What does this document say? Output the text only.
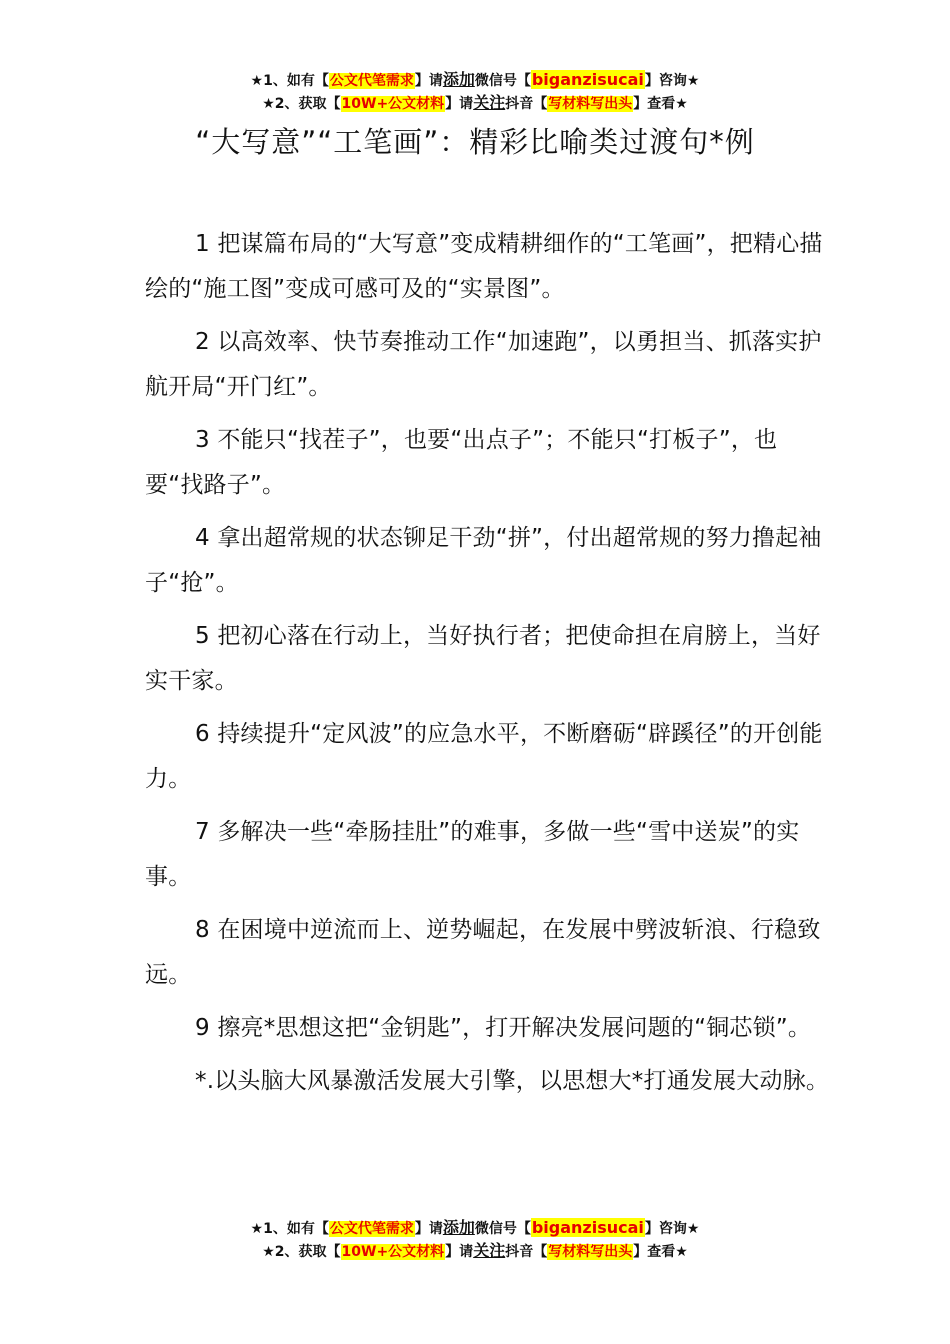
★1、如有【公文代笔需求】请添加微信号【biganzisucai】咨询★
★2、获取【10W+公文材料】请关注抖音【写材料写出头】查看★
“大写意”“工笔画”：精彩比喻类过渡句*例

1 把谋篇布局的“大写意”变成精耕细作的“工笔画”，把精心描绘的“施工图”变成可感可及的“实景图”。

2 以高效率、快节奏推动工作“加速跑”，以勇担当、抓落实护航开局“开门红”。

3 不能只“找茬子”，也要“出点子”；不能只“打板子”，也要“找路子”。

4 拿出超常规的状态铆足干劲“拼”，付出超常规的努力撸起袖子“抢”。

5 把初心落在行动上，当好执行者；把使命担在肩膀上，当好实干家。

6 持续提升“定风波”的应急水平，不断磨砺“辟蹊径”的开创能力。

7 多解决一些“牵肠挂肚”的难事，多做一些“雪中送炭”的实事。

8 在困境中逆流而上、逆势崛起，在发展中劈波斩浪、行稳致远。

9 擦亮*思想这把“金钥匙”，打开解决发展问题的“铜芯锁”。

*.以头脑大风暴激活发展大引擎，以思想大*打通发展大动脉。

★1、如有【公文代笔需求】请添加微信号【biganzisucai】咨询★
★2、获取【10W+公文材料】请关注抖音【写材料写出头】查看★
